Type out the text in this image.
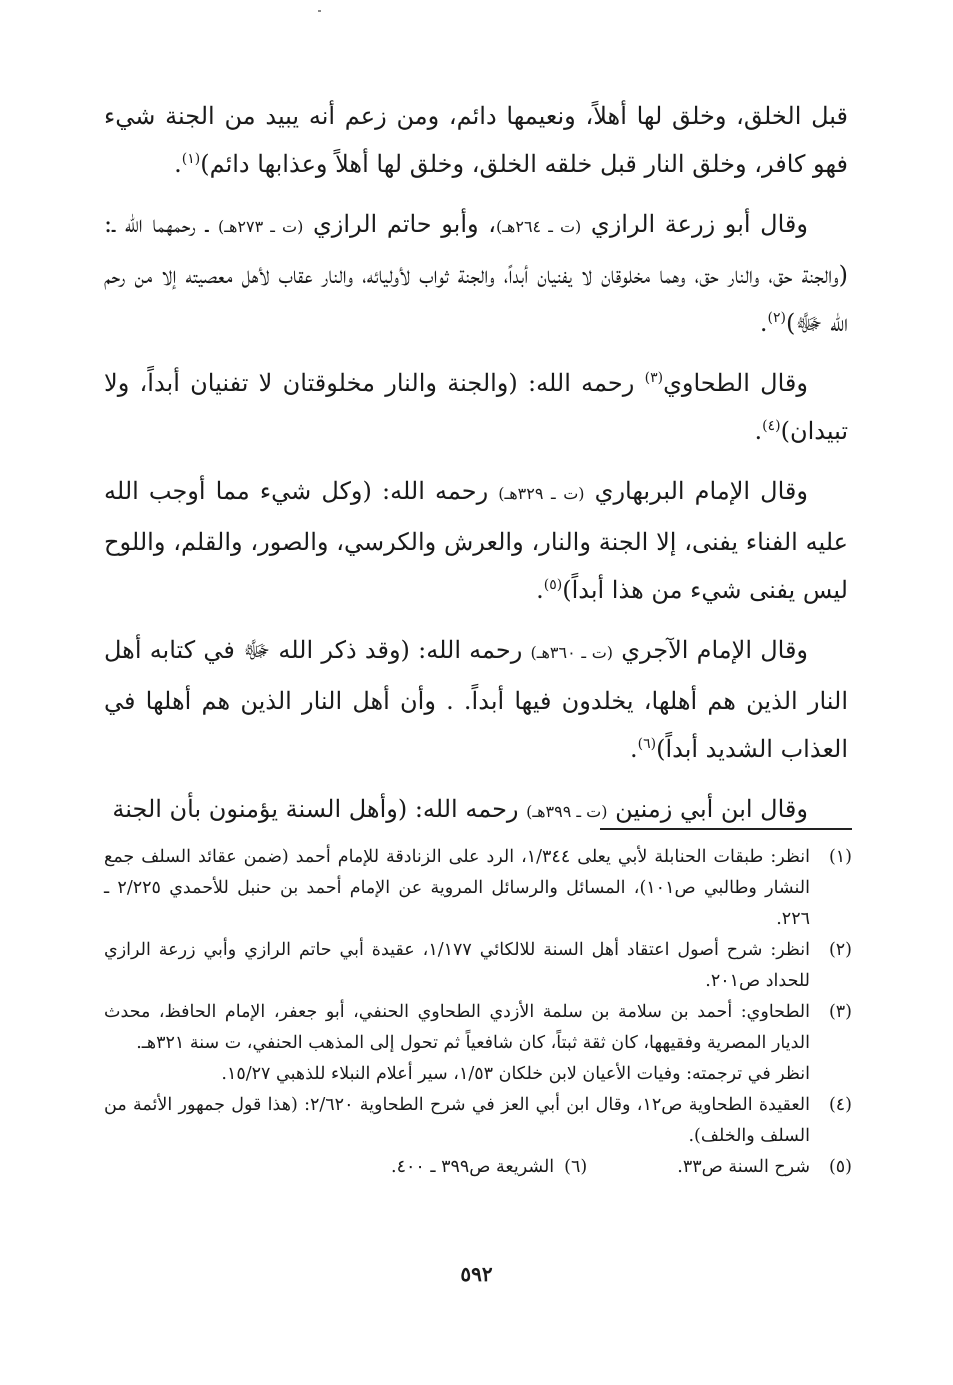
قبل الخلق، وخلق لها أهلاً، ونعيمها دائم، ومن زعم أنه يبيد من الجنة شيء فهو كافر، وخلق النار قبل خلقه الخلق، وخلق لها أهلاً وعذابها دائم)$^{(١)}$.

وقال أبو زرعة الرازي (ت ـ ٢٦٤هـ)، وأبو حاتم الرازي (ت ـ ٢٧٣هـ) ـ رحمهما الله ـ: (والجنة حق، والنار حق، وهما مخلوقان لا يفنيان أبداً، والجنة ثواب لأوليائه، والنار عقاب لأهل معصيته إلا من رحم الله ﷻ)$^{(٢)}$.

وقال الطحاوي$^{(٣)}$ رحمه الله: (والجنة والنار مخلوقتان لا تفنيان أبداً، ولا تبيدان)$^{(٤)}$.

وقال الإمام البربهاري (ت ـ ٣٢٩هـ) رحمه الله: (وكل شيء مما أوجب الله عليه الفناء يفنى، إلا الجنة والنار، والعرش والكرسي، والصور، والقلم، واللوح ليس يفنى شيء من هذا أبداً)$^{(٥)}$.

وقال الإمام الآجري (ت ـ ٣٦٠هـ) رحمه الله: (وقد ذكر الله ﷻ في كتابه أهل النار الذين هم أهلها، يخلدون فيها أبداً. . وأن أهل النار الذين هم أهلها في العذاب الشديد أبداً)$^{(٦)}$.

وقال ابن أبي زمنين (ت ـ ٣٩٩هـ) رحمه الله: (وأهل السنة يؤمنون بأن الجنة

(١)
انظر: طبقات الحنابلة لأبي يعلى ١/٣٤٤، الرد على الزنادقة للإمام أحمد (ضمن عقائد السلف جمع النشار وطالبي ص١٠١)، المسائل والرسائل المروية عن الإمام أحمد بن حنبل للأحمدي ٢/٢٢٥ ـ ٢٢٦.
(٢)
انظر: شرح أصول اعتقاد أهل السنة للالكائي ١/١٧٧، عقيدة أبي حاتم الرازي وأبي زرعة الرازي للحداد ص٢٠١.
(٣)
الطحاوي: أحمد بن سلامة بن سلمة الأزدي الطحاوي الحنفي، أبو جعفر، الإمام الحافظ، محدث الديار المصرية وفقيهها، كان ثقة ثبتاً، كان شافعياً ثم تحول إلى المذهب الحنفي، ت سنة ٣٢١هـ.

انظر في ترجمته: وفيات الأعيان لابن خلكان ١/٥٣، سير أعلام النبلاء للذهبي ١٥/٢٧.

(٤)
العقيدة الطحاوية ص١٢، وقال ابن أبي العز في شرح الطحاوية ٢/٦٢٠: (هذا قول جمهور الأئمة من السلف والخلف).
(٥)
شرح السنة ص٣٣.
(٦)
الشريعة ص٣٩٩ ـ ٤٠٠.
٥٩٢
